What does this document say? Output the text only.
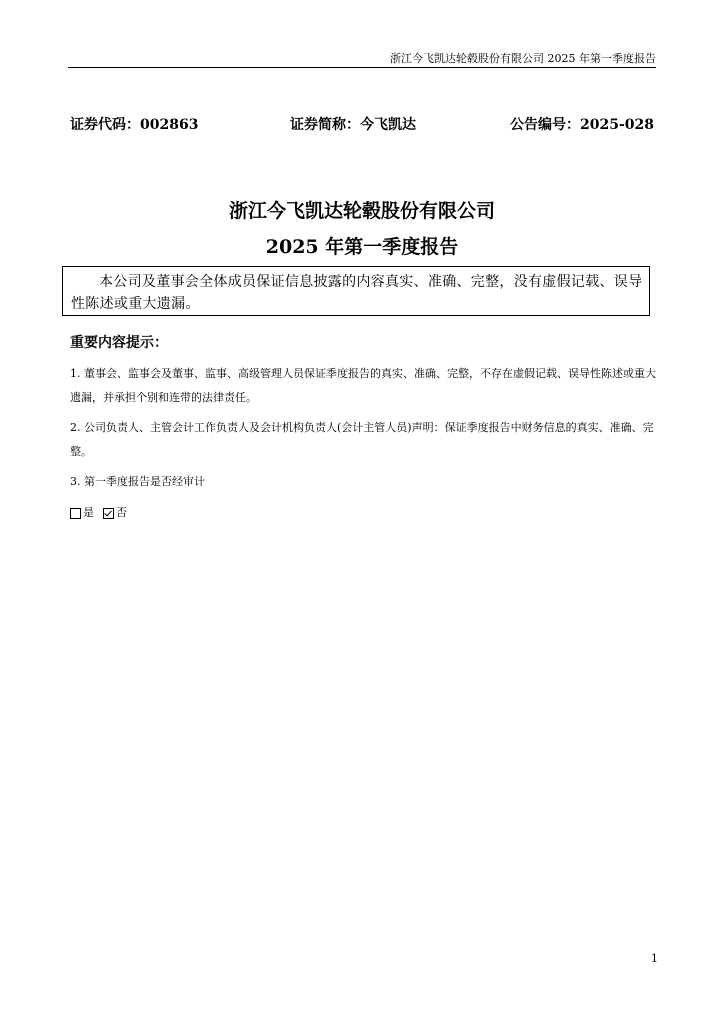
浙江今飞凯达轮毂股份有限公司 2025 年第一季度报告
证券代码：002863	证券简称：今飞凯达	公告编号：2025-028
浙江今飞凯达轮毂股份有限公司
2025 年第一季度报告
本公司及董事会全体成员保证信息披露的内容真实、准确、完整，没有虚假记载、误导性陈述或重大遗漏。
重要内容提示：
1. 董事会、监事会及董事、监事、高级管理人员保证季度报告的真实、准确、完整，不存在虚假记载、误导性陈述或重大遗漏，并承担个别和连带的法律责任。
2. 公司负责人、主管会计工作负责人及会计机构负责人(会计主管人员)声明：保证季度报告中财务信息的真实、准确、完整。
3. 第一季度报告是否经审计
是 否
1
